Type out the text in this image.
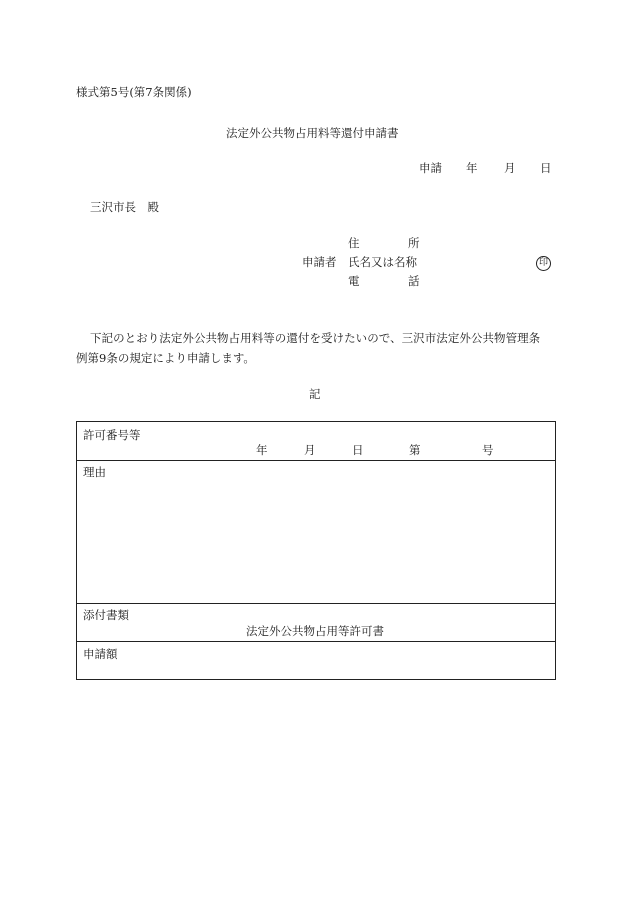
様式第5号(第7条関係)
法定外公共物占用料等還付申請書
申請 年 月 日
三沢市長　殿
住	所
申請者 氏名又は名称	印
電	話
下記のとおり法定外公共物占用料等の還付を受けたいので、三沢市法定外公共物管理条
例第9条の規定により申請します。
記
許可番号等
年	月	日	第	号
理由
添付書類
法定外公共物占用等許可書
申請額
